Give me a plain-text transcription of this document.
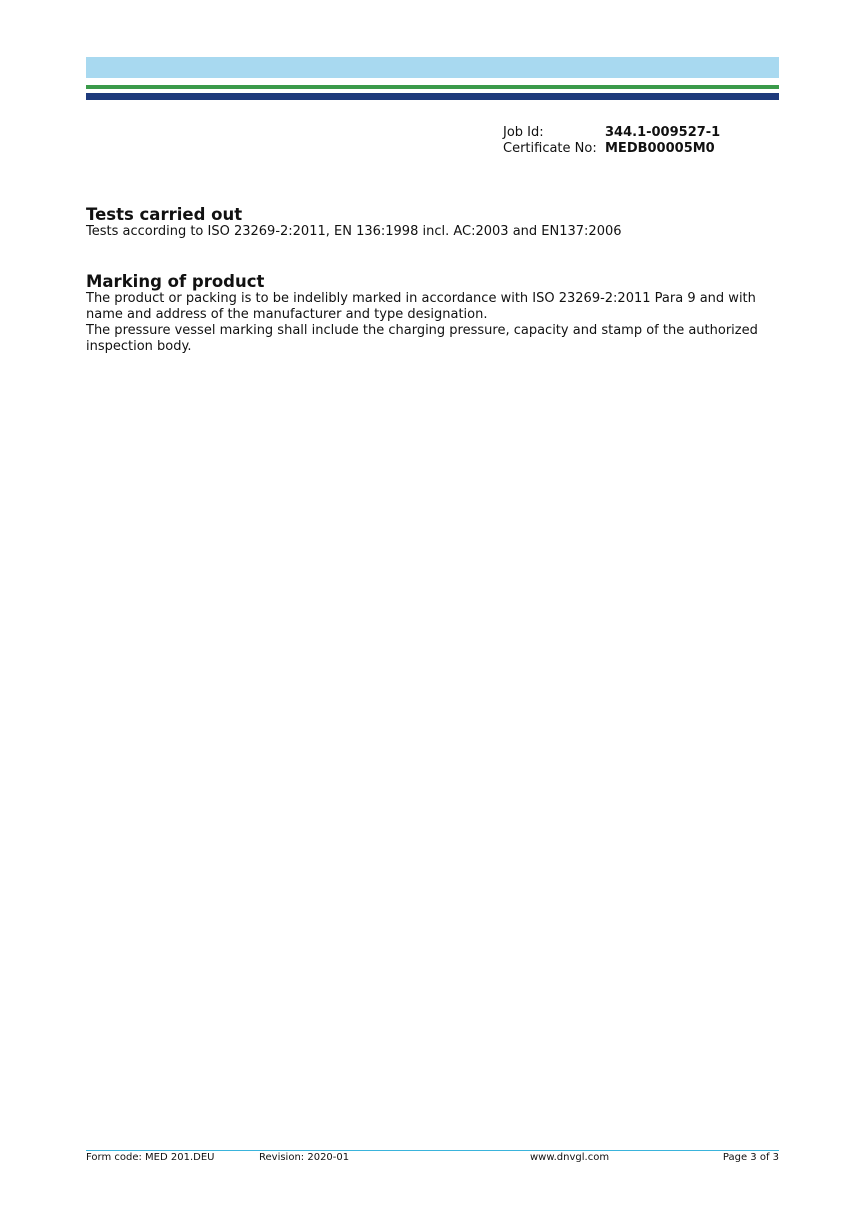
Job Id:	344.1-009527-1
Certificate No: MEDB00005M0
Tests carried out
Tests according to ISO 23269-2:2011, EN 136:1998 incl. AC:2003 and EN137:2006
Marking of product
The product or packing is to be indelibly marked in accordance with ISO 23269-2:2011 Para 9 and with name and address of the manufacturer and type designation.
The pressure vessel marking shall include the charging pressure, capacity and stamp of the authorized inspection body.
Form code: MED 201.DEU	Revision: 2020-01	www.dnvgl.com	Page 3 of 3
